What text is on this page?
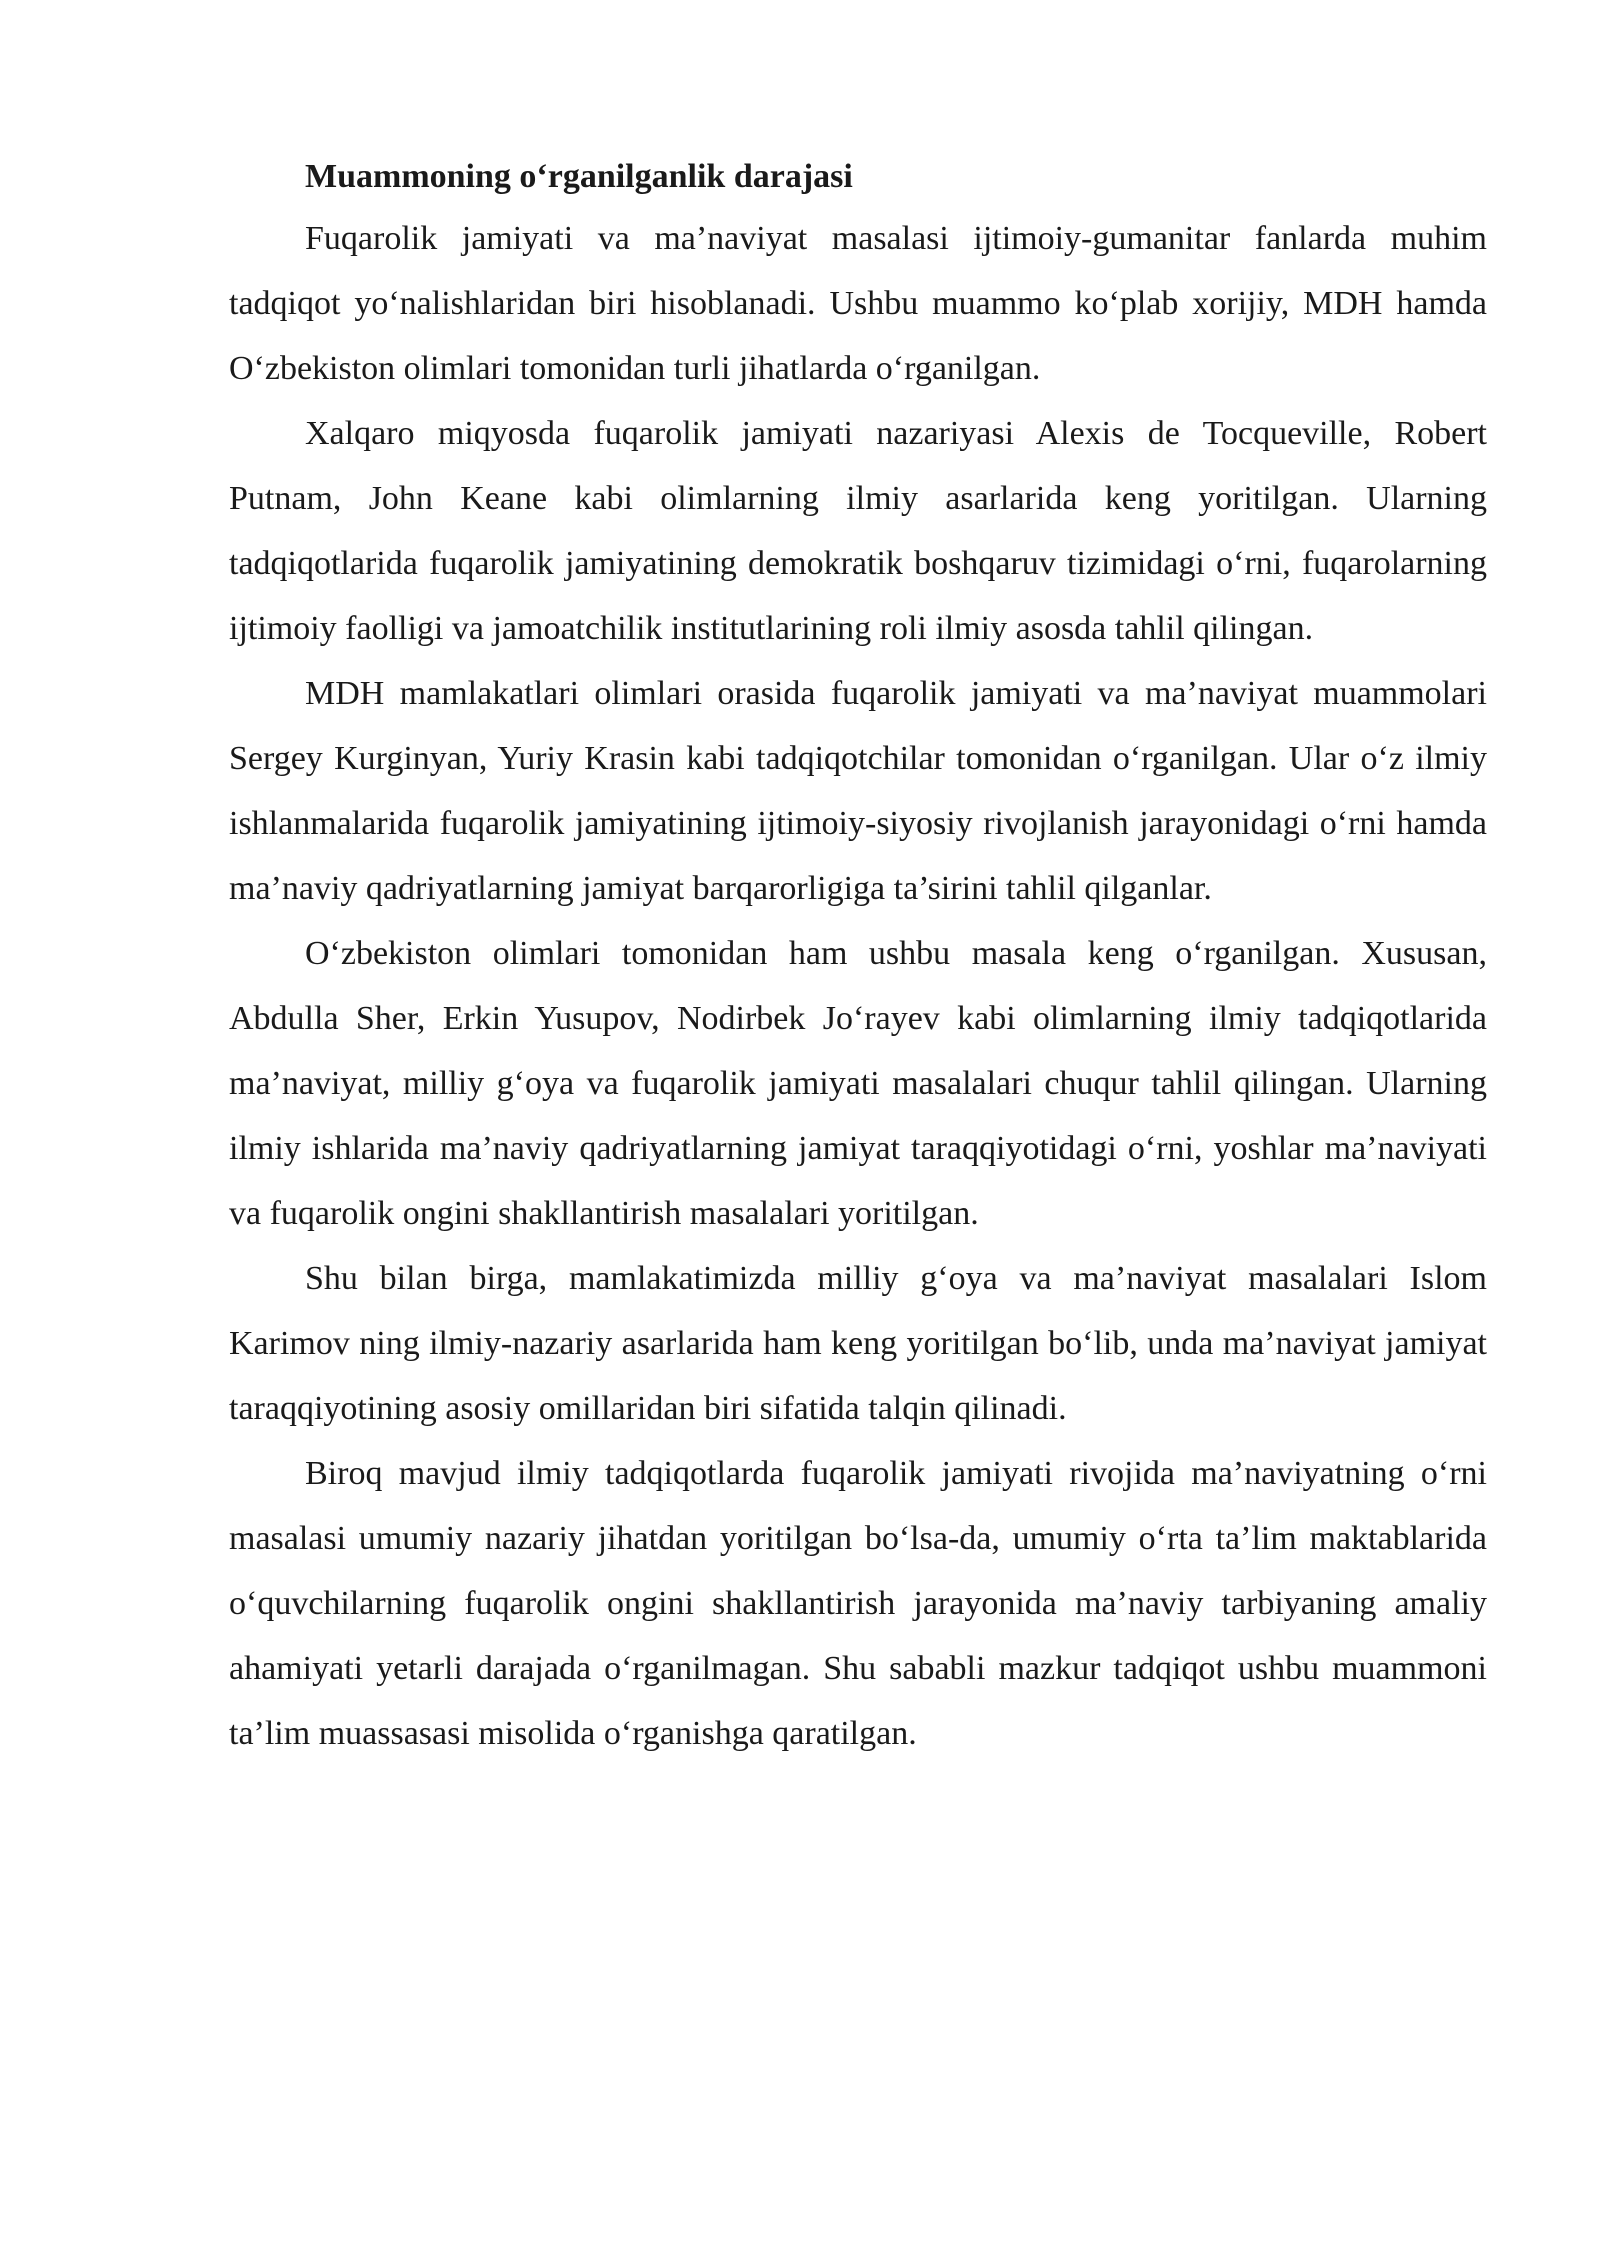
Muammoning o‘rganilganlik darajasi

Fuqarolik jamiyati va ma’naviyat masalasi ijtimoiy-gumanitar fanlarda muhim tadqiqot yo‘nalishlaridan biri hisoblanadi. Ushbu muammo ko‘plab xorijiy, MDH hamda O‘zbekiston olimlari tomonidan turli jihatlarda o‘rganilgan.

Xalqaro miqyosda fuqarolik jamiyati nazariyasi Alexis de Tocqueville, Robert Putnam, John Keane kabi olimlarning ilmiy asarlarida keng yoritilgan. Ularning tadqiqotlarida fuqarolik jamiyatining demokratik boshqaruv tizimidagi o‘rni, fuqarolarning ijtimoiy faolligi va jamoatchilik institutlarining roli ilmiy asosda tahlil qilingan.

MDH mamlakatlari olimlari orasida fuqarolik jamiyati va ma’naviyat muammolari Sergey Kurginyan, Yuriy Krasin kabi tadqiqotchilar tomonidan o‘rganilgan. Ular o‘z ilmiy ishlanmalarida fuqarolik jamiyatining ijtimoiy-siyosiy rivojlanish jarayonidagi o‘rni hamda ma’naviy qadriyatlarning jamiyat barqarorligiga ta’sirini tahlil qilganlar.

O‘zbekiston olimlari tomonidan ham ushbu masala keng o‘rganilgan. Xususan, Abdulla Sher, Erkin Yusupov, Nodirbek Jo‘rayev kabi olimlarning ilmiy tadqiqotlarida ma’naviyat, milliy g‘oya va fuqarolik jamiyati masalalari chuqur tahlil qilingan. Ularning ilmiy ishlarida ma’naviy qadriyatlarning jamiyat taraqqiyotidagi o‘rni, yoshlar ma’naviyati va fuqarolik ongini shakllantirish masalalari yoritilgan.

Shu bilan birga, mamlakatimizda milliy g‘oya va ma’naviyat masalalari Islom Karimov ning ilmiy-nazariy asarlarida ham keng yoritilgan bo‘lib, unda ma’naviyat jamiyat taraqqiyotining asosiy omillaridan biri sifatida talqin qilinadi.

Biroq mavjud ilmiy tadqiqotlarda fuqarolik jamiyati rivojida ma’naviyatning o‘rni masalasi umumiy nazariy jihatdan yoritilgan bo‘lsa-da, umumiy o‘rta ta’lim maktablarida o‘quvchilarning fuqarolik ongini shakllantirish jarayonida ma’naviy tarbiyaning amaliy ahamiyati yetarli darajada o‘rganilmagan. Shu sababli mazkur tadqiqot ushbu muammoni ta’lim muassasasi misolida o‘rganishga qaratilgan.
